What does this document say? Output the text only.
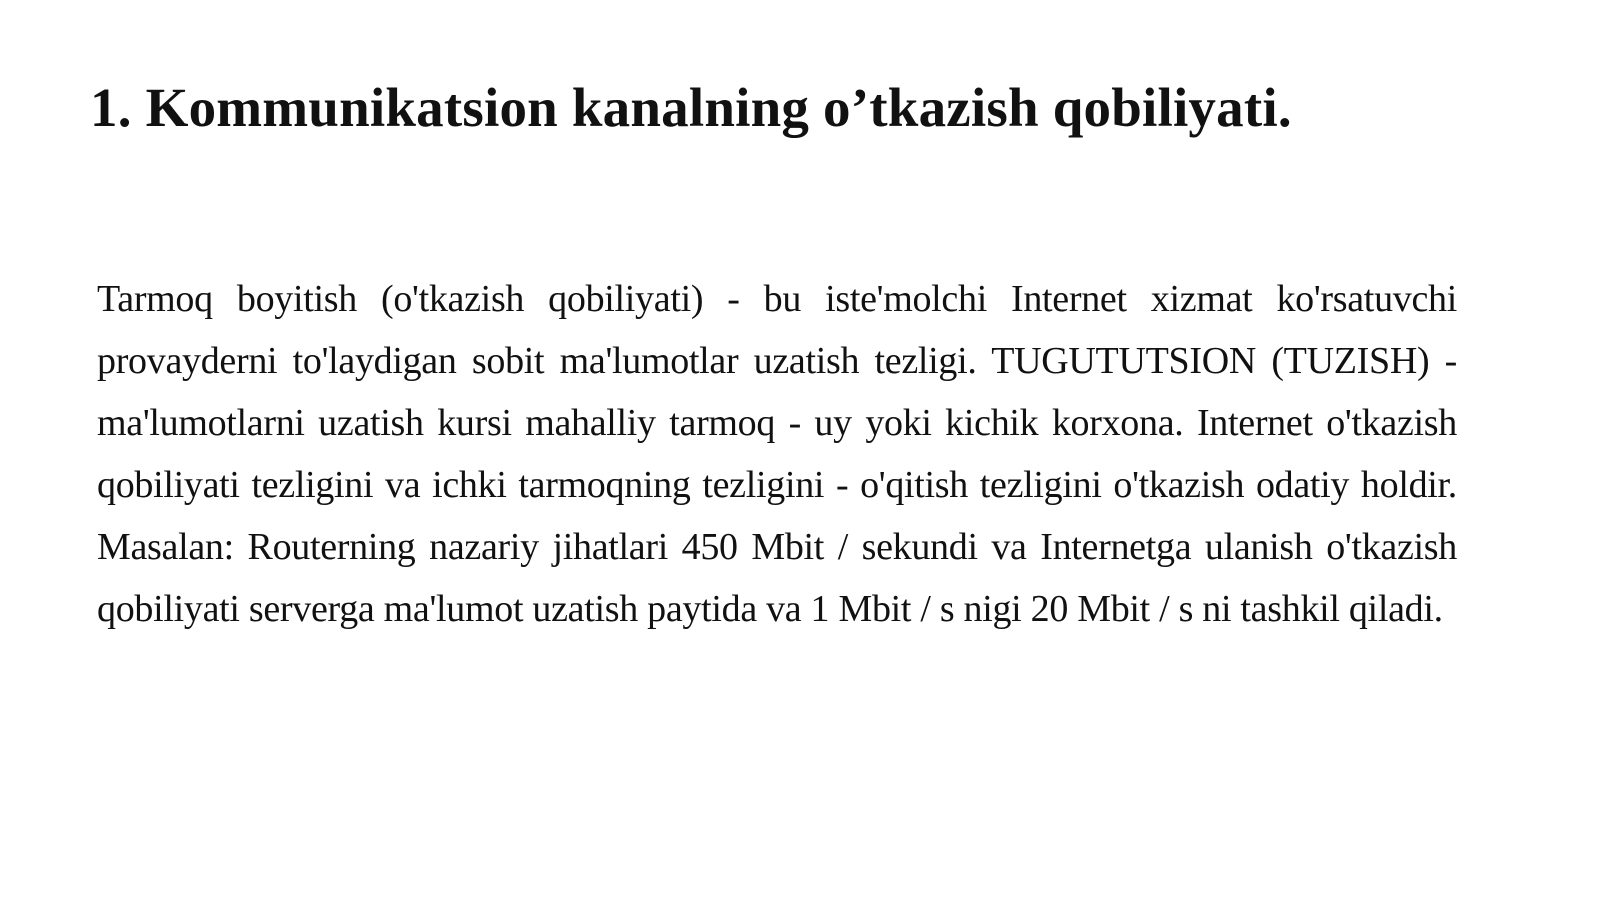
1. Kommunikatsion kanalning o’tkazish qobiliyati.

Tarmoq boyitish (o'tkazish qobiliyati) - bu iste'molchi Internet xizmat ko'rsatuvchi provayderni to'laydigan sobit ma'lumotlar uzatish tezligi. TUGUTUTSION (TUZISH) - ma'lumotlarni uzatish kursi mahalliy tarmoq - uy yoki kichik korxona. Internet o'tkazish qobiliyati tezligini va ichki tarmoqning tezligini - o'qitish tezligini o'tkazish odatiy holdir. Masalan: Routerning nazariy jihatlari 450 Mbit / sekundi va Internetga ulanish o'tkazish qobiliyati serverga ma'lumot uzatish paytida va 1 Mbit / s nigi 20 Mbit / s ni tashkil qiladi.
